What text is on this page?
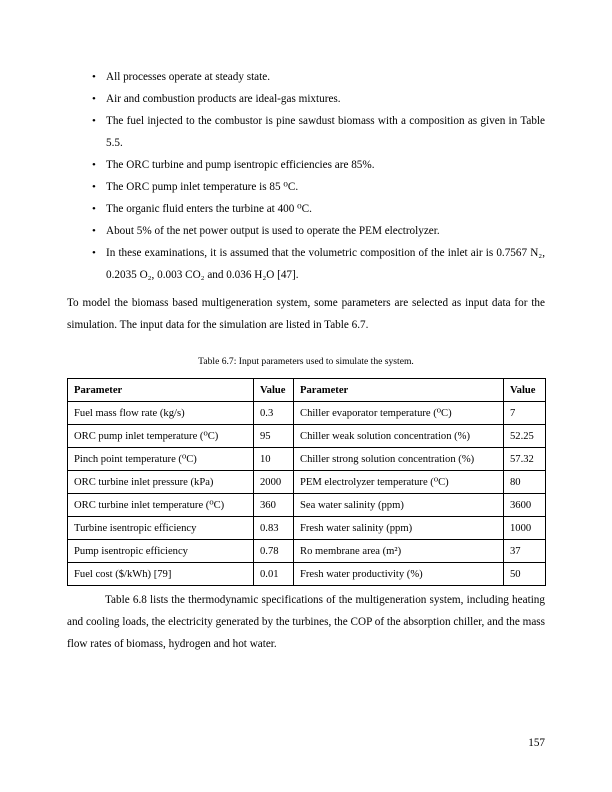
• All processes operate at steady state.
• Air and combustion products are ideal-gas mixtures.
• The fuel injected to the combustor is pine sawdust biomass with a composition as given in Table 5.5.
• The ORC turbine and pump isentropic efficiencies are 85%.
• The ORC pump inlet temperature is 85 ⁰C.
• The organic fluid enters the turbine at 400 ⁰C.
• About 5% of the net power output is used to operate the PEM electrolyzer.
• In these examinations, it is assumed that the volumetric composition of the inlet air is 0.7567 N₂, 0.2035 O₂, 0.003 CO₂ and 0.036 H₂O [47].
To model the biomass based multigeneration system, some parameters are selected as input data for the simulation. The input data for the simulation are listed in Table 6.7.
Table 6.7: Input parameters used to simulate the system.
Parameter	Value	Parameter	Value
Fuel mass flow rate (kg/s)	0.3	Chiller evaporator temperature (⁰C)	7
ORC pump inlet temperature (⁰C)	95	Chiller weak solution concentration (%)	52.25
Pinch point temperature (⁰C)	10	Chiller strong solution concentration (%)	57.32
ORC turbine inlet pressure (kPa)	2000	PEM electrolyzer temperature (⁰C)	80
ORC turbine inlet temperature (⁰C)	360	Sea water salinity (ppm)	3600
Turbine isentropic efficiency	0.83	Fresh water salinity (ppm)	1000
Pump isentropic efficiency	0.78	Ro membrane area (m²)	37
Fuel cost ($/kWh) [79]	0.01	Fresh water productivity (%)	50
Table 6.8 lists the thermodynamic specifications of the multigeneration system, including heating and cooling loads, the electricity generated by the turbines, the COP of the absorption chiller, and the mass flow rates of biomass, hydrogen and hot water.
157
